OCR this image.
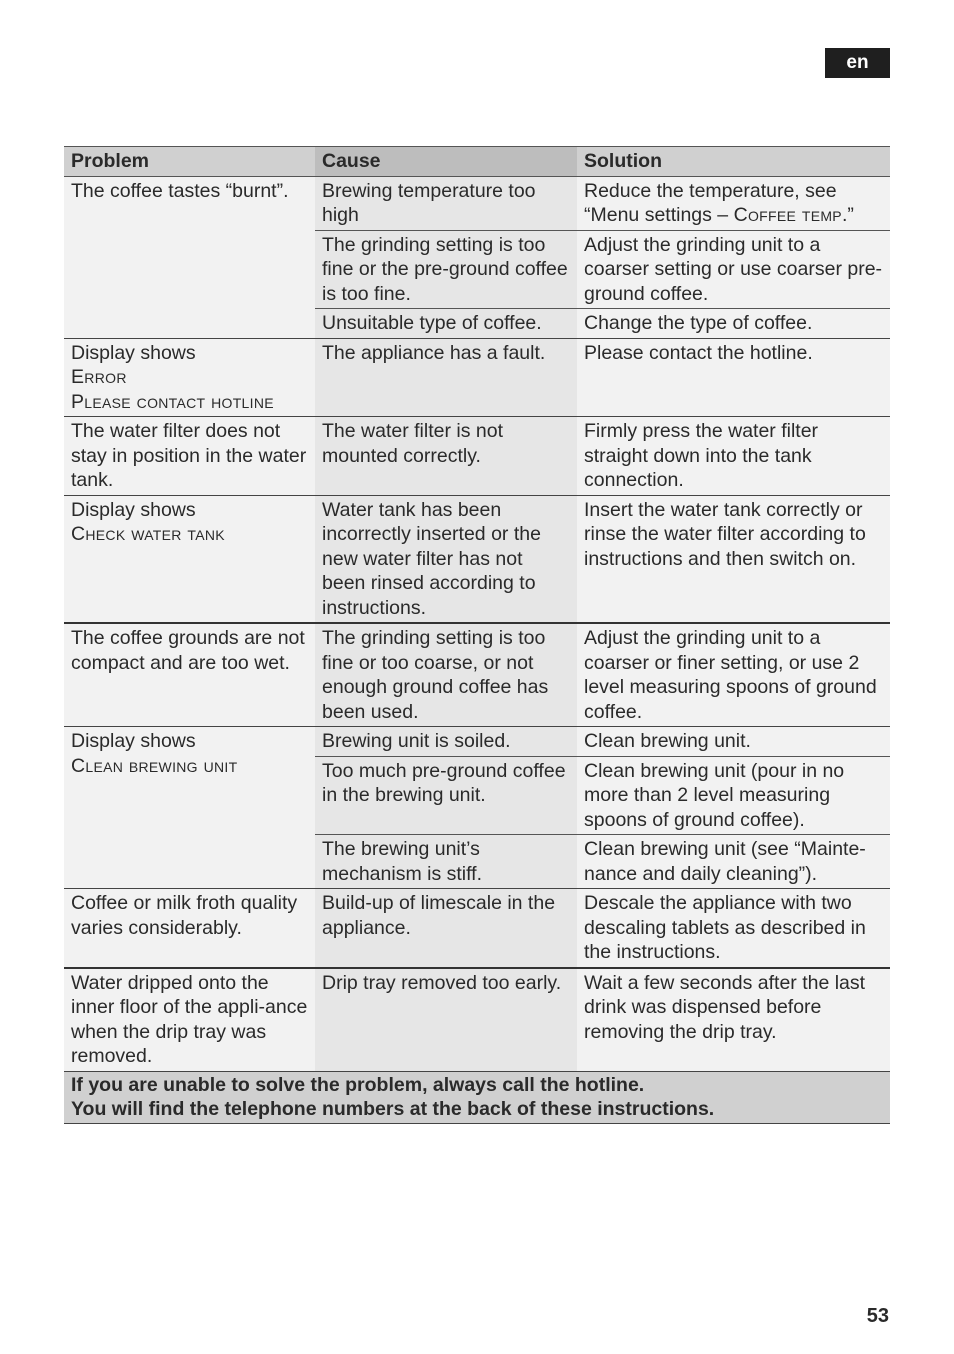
en
Problem	Cause	Solution

The coffee tastes “burnt”.	Brewing temperature too high	Reduce the temperature, see “Menu settings – Coffee temp.”
	The grinding setting is too fine or the pre-ground coffee is too fine.	Adjust the grinding unit to a coarser setting or use coarser pre-ground coffee.
	Unsuitable type of coffee.	Change the type of coffee.

Display shows
Error
Please contact hotline	The appliance has a fault.	Please contact the hotline.

The water filter does not stay in position in the water tank.	The water filter is not mounted correctly.	Firmly press the water filter straight down into the tank connection.

Display shows
Check water tank	Water tank has been incorrectly inserted or the new water filter has not been rinsed according to instructions.	Insert the water tank correctly or rinse the water filter according to instructions and then switch on.

The coffee grounds are not compact and are too wet.	The grinding setting is too fine or too coarse, or not enough ground coffee has been used.	Adjust the grinding unit to a coarser or finer setting, or use 2 level measuring spoons of ground coffee.

Display shows
Clean brewing unit	Brewing unit is soiled.	Clean brewing unit.
	Too much pre-ground coffee in the brewing unit.	Clean brewing unit (pour in no more than 2 level measuring spoons of ground coffee).
	The brewing unit’s mechanism is stiff.	Clean brewing unit (see “Mainte-nance and daily cleaning”).

Coffee or milk froth quality varies considerably.	Build-up of limescale in the appliance.	Descale the appliance with two descaling tablets as described in the instructions.

Water dripped onto the inner floor of the appli-ance when the drip tray was removed.	Drip tray removed too early.	Wait a few seconds after the last drink was dispensed before removing the drip tray.

If you are unable to solve the problem, always call the hotline.
You will find the telephone numbers at the back of these instructions.		
53
